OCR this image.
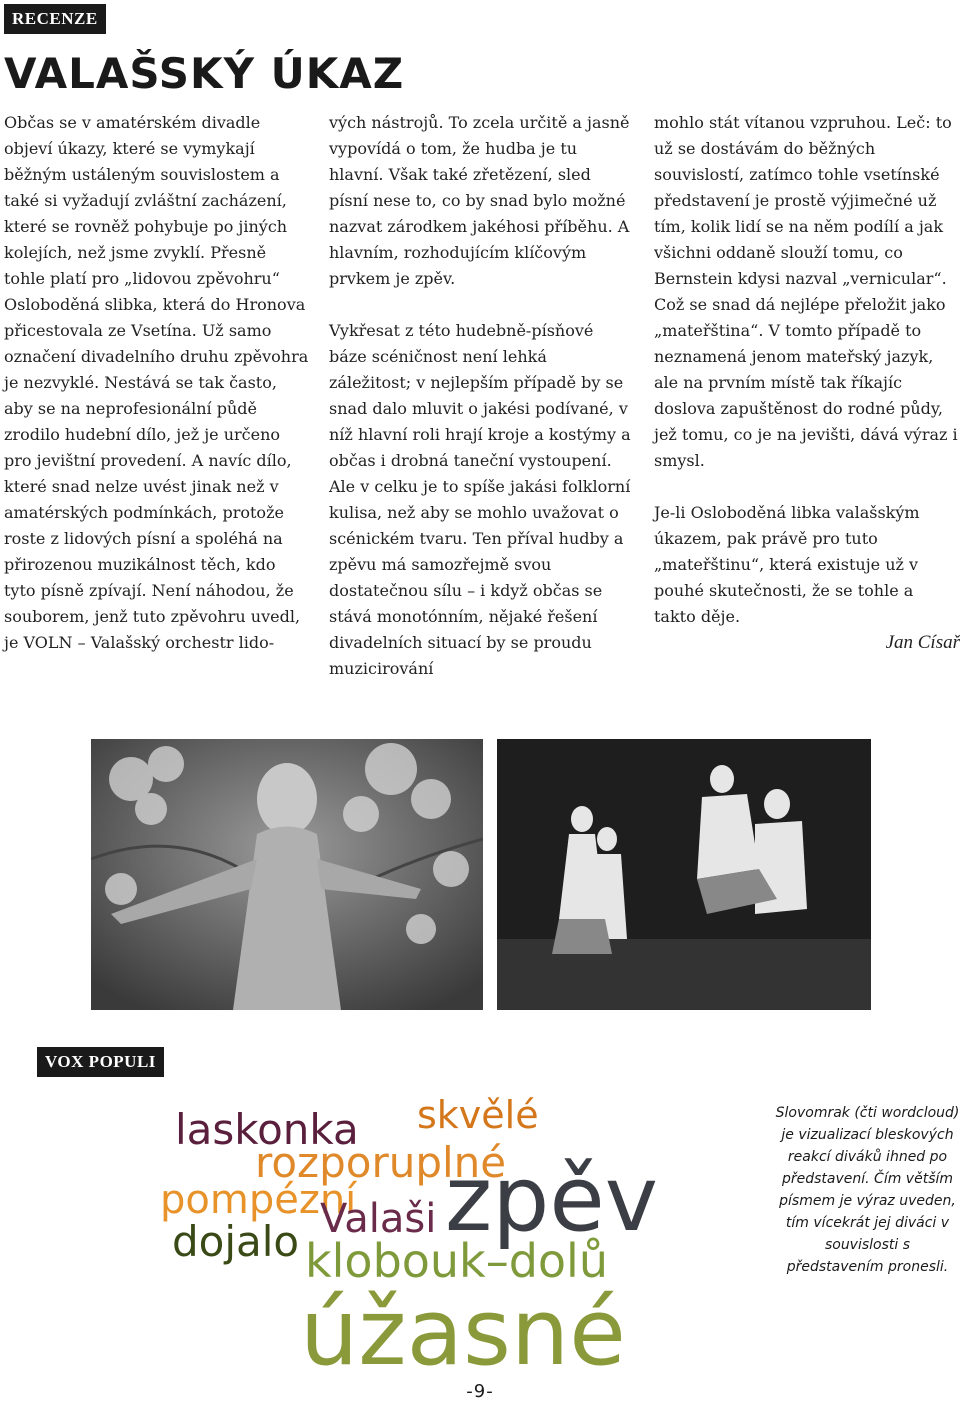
RECENZE
VALAŠSKÝ ÚKAZ

Občas se v amatérském divadle objeví úkazy, které se vymykají běžným ustáleným souvislostem a také si vyžadují zvláštní zacházení, které se rovněž pohybuje po jiných kolejích, než jsme zvyklí. Přesně tohle platí pro „lidovou zpěvohru“ Osloboděná slibka, která do Hronova přicestovala ze Vsetína. Už samo označení divadelního druhu zpěvohra je nezvyklé. Nestává se tak často, aby se na neprofesionální půdě zrodilo hudební dílo, jež je určeno pro jevištní provedení. A navíc dílo, které snad nelze uvést jinak než v amatérských podmínkách, protože roste z lidových písní a spoléhá na přirozenou muzikálnost těch, kdo tyto písně zpívají. Není náhodou, že souborem, jenž tuto zpěvohru uvedl, je VOLN – Valašský orchestr lido-

vých nástrojů. To zcela určitě a jasně vypovídá o tom, že hudba je tu hlavní. Však také zřetězení, sled písní nese to, co by snad bylo možné nazvat zárodkem jakéhosi příběhu. A hlavním, rozhodujícím klíčovým prvkem je zpěv.

Vykřesat z této hudebně-písňové báze scéničnost není lehká záležitost; v nejlepším případě by se snad dalo mluvit o jakési podívané, v níž hlavní roli hrají kroje a kostýmy a občas i drobná taneční vystoupení. Ale v celku je to spíše jakási folklorní kulisa, než aby se mohlo uvažovat o scénickém tvaru. Ten příval hudby a zpěvu má samozřejmě svou dostatečnou sílu – i když občas se stává monotónním, nějaké řešení divadelních situací by se proudu muzicirování

mohlo stát vítanou vzpruhou. Leč: to už se dostávám do běžných souvislostí, zatímco tohle vsetínské představení je prostě výjimečné už tím, kolik lidí se na něm podílí a jak všichni oddaně slouží tomu, co Bernstein kdysi nazval „vernicular“. Což se snad dá nejlépe přeložit jako „mateřština“. V tomto případě to neznamená jenom mateřský jazyk, ale na prvním místě tak říkajíc doslova zapuštěnost do rodné půdy, jež tomu, co je na jevišti, dává výraz i smysl.

Je-li Osloboděná libka valašským úkazem, pak právě pro tuto „mateřštinu“, která existuje už v pouhé skutečnosti, že se tohle a takto děje.

Jan Císař

VOX POPULI
laskonka skvělé
rozporuplné
pompézní zpěv
Valaši
dojalo klobouk–dolů
úžasné
Slovomrak (čti wordcloud) je vizualizací bleskových reakcí diváků ihned po představení. Čím větším písmem je výraz uveden, tím vícekrát jej diváci v souvislosti s představením pronesli.
-9-
